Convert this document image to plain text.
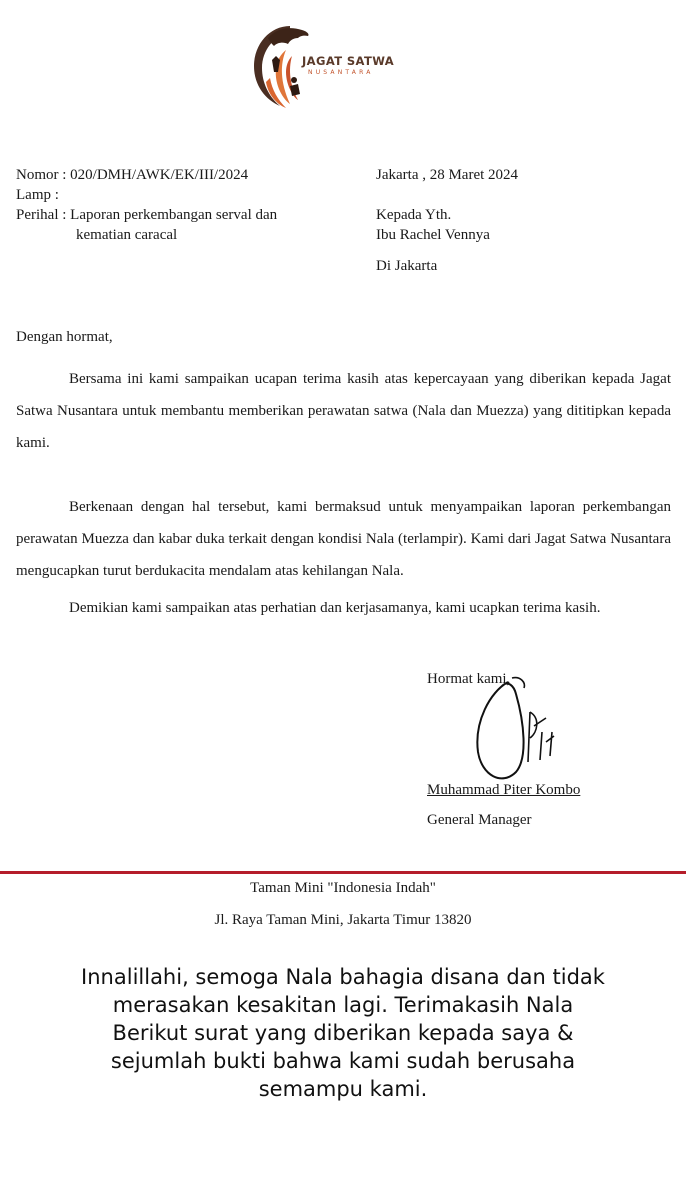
JAGAT SATWA
NUSANTARA
Nomor : 020/DMH/AWK/EK/III/2024
Lamp :
Perihal : Laporan perkembangan serval dan
kematian caracal
Jakarta , 28 Maret 2024
Kepada Yth.
Ibu Rachel Vennya
Di Jakarta
Dengan hormat,
Bersama ini kami sampaikan ucapan terima kasih atas kepercayaan yang diberikan kepada Jagat Satwa Nusantara untuk membantu memberikan perawatan satwa (Nala dan Muezza) yang dititipkan kepada kami.
Berkenaan dengan hal tersebut, kami bermaksud untuk menyampaikan laporan perkembangan perawatan Muezza dan kabar duka terkait dengan kondisi Nala (terlampir). Kami dari Jagat Satwa Nusantara mengucapkan turut berdukacita mendalam atas kehilangan Nala.
Demikian kami sampaikan atas perhatian dan kerjasamanya, kami ucapkan terima kasih.
Hormat kami,
Muhammad Piter Kombo
General Manager
Taman Mini "Indonesia Indah"
Jl. Raya Taman Mini, Jakarta Timur 13820
Innalillahi, semoga Nala bahagia disana dan tidak
merasakan kesakitan lagi. Terimakasih Nala
Berikut surat yang diberikan kepada saya &
sejumlah bukti bahwa kami sudah berusaha
semampu kami.
